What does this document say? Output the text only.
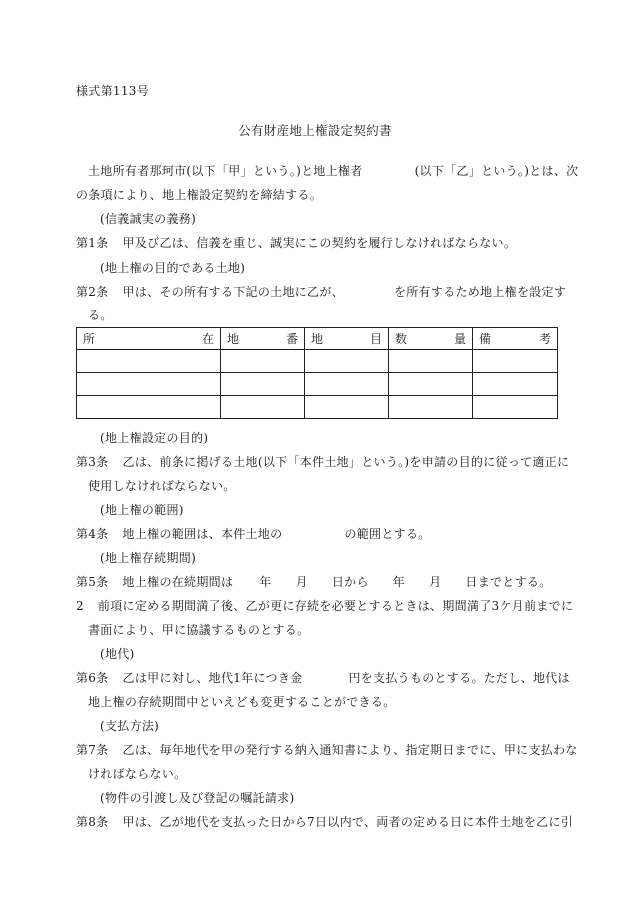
様式第113号
公有財産地上権設定契約書
土地所有者那珂市(以下「甲」という。)と地上権者	(以下「乙」という。)とは、次
の条項により、地上権設定契約を締結する。
(信義誠実の義務)
第1条 甲及び乙は、信義を重じ、誠実にこの契約を履行しなければならない。
(地上権の目的である土地)
第2条 甲は、その所有する下記の土地に乙が、	を所有するため地上権を設定す
る。
所 在	地 番	地 目	数 量	備 考

(地上権設定の目的)
第3条 乙は、前条に掲げる土地(以下「本件土地」という。)を申請の目的に従って適正に
使用しなければならない。
(地上権の範囲)
第4条 地上権の範囲は、本件土地の	の範囲とする。
(地上権存続期間)
第5条 地上権の在続期間は 年 月 日から 年 月 日までとする。
2 前項に定める期間満了後、乙が更に存続を必要とするときは、期間満了3ケ月前までに
書面により、甲に協議するものとする。
(地代)
第6条 乙は甲に対し、地代1年につき金	円を支払うものとする。ただし、地代は
地上権の存続期間中といえども変更することができる。
(支払方法)
第7条 乙は、毎年地代を甲の発行する納入通知書により、指定期日までに、甲に支払わな
ければならない。
(物件の引渡し及び登記の嘱託請求)
第8条 甲は、乙が地代を支払った日から7日以内で、両者の定める日に本件土地を乙に引
